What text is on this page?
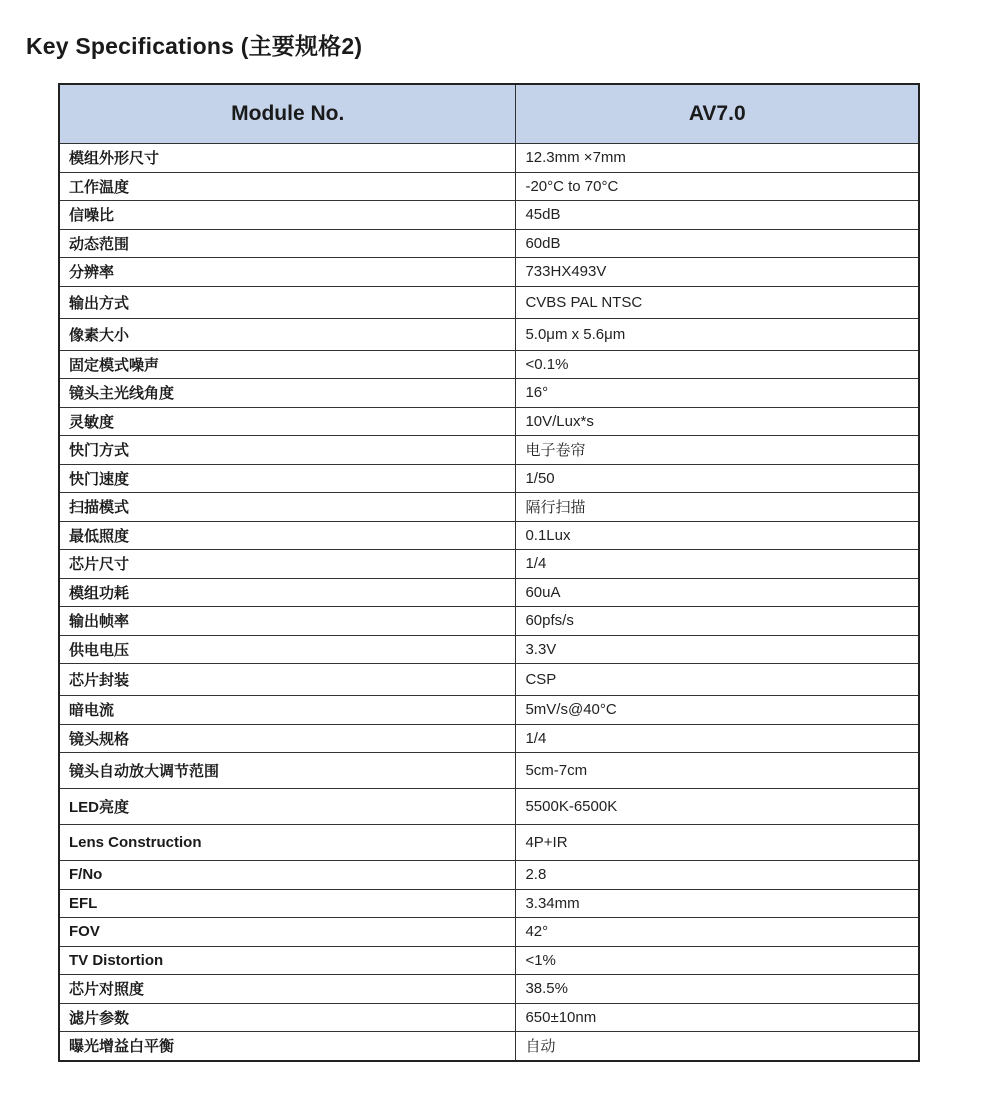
Key Specifications (主要规格2)
Module No.	AV7.0
模组外形尺寸	12.3mm ×7mm
工作温度	-20°C to 70°C
信噪比	45dB
动态范围	60dB
分辨率	733HX493V
输出方式	CVBS PAL NTSC
像素大小	5.0μm x 5.6μm
固定模式噪声	<0.1%
镜头主光线角度	16°
灵敏度	10V/Lux*s
快门方式	电子卷帘
快门速度	1/50
扫描模式	隔行扫描
最低照度	0.1Lux
芯片尺寸	1/4
模组功耗	60uA
输出帧率	60pfs/s
供电电压	3.3V
芯片封装	CSP
暗电流	5mV/s@40°C
镜头规格	1/4
镜头自动放大调节范围	5cm-7cm
LED亮度	5500K-6500K
Lens Construction	4P+IR
F/No	2.8
EFL	3.34mm
FOV	42°
TV Distortion	<1%
芯片对照度	38.5%
滤片参数	650±10nm
曝光增益白平衡	自动
